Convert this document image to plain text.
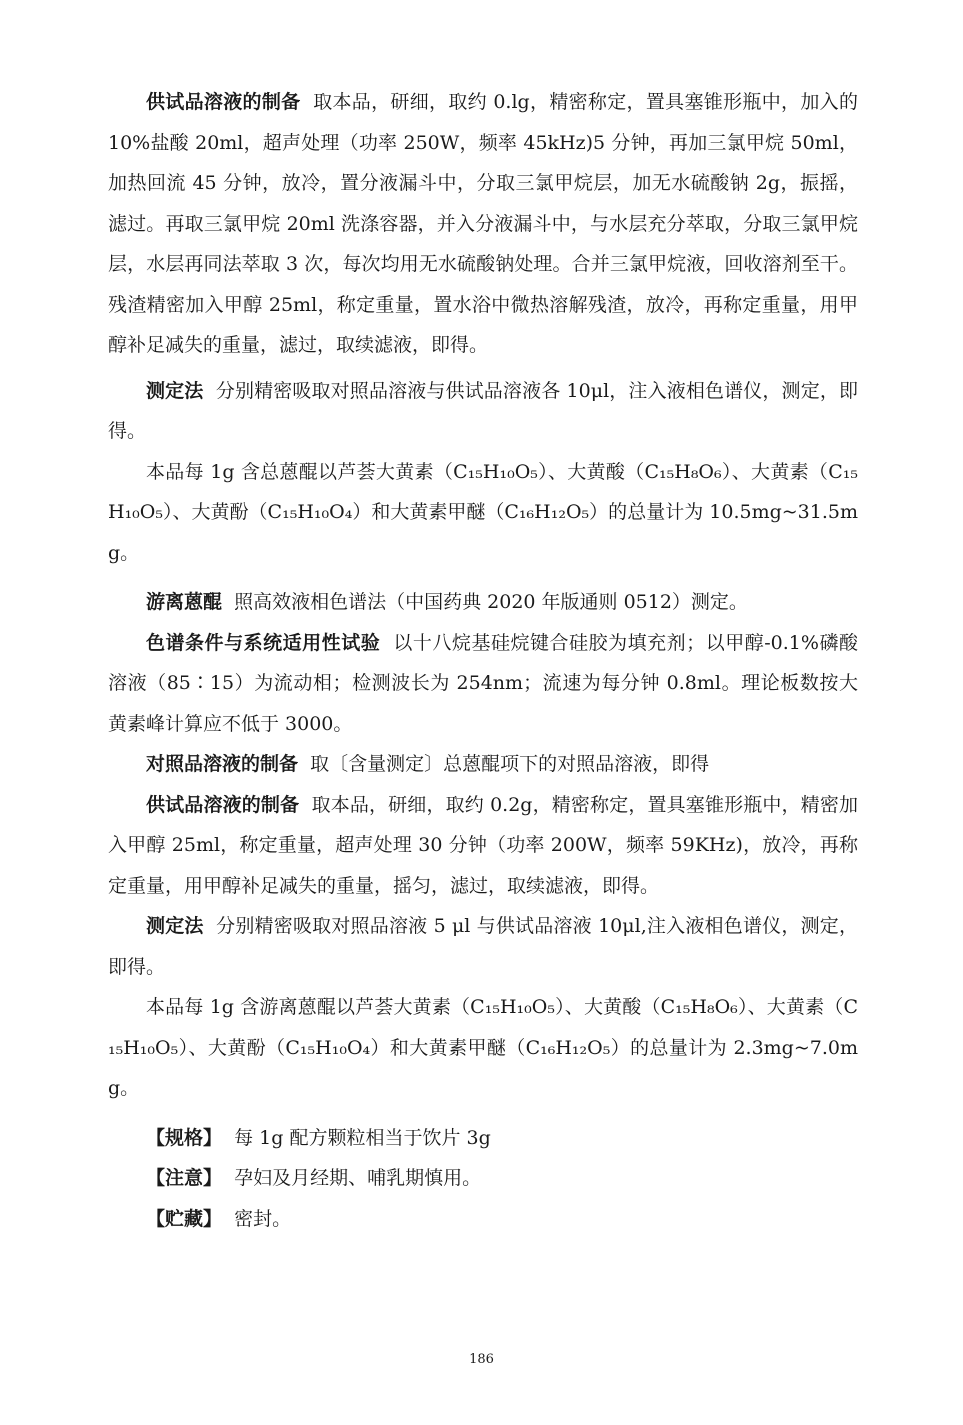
供试品溶液的制备 取本品，研细，取约 0.lg，精密称定，置具塞锥形瓶中，加入的 10%盐酸 20ml，超声处理（功率 250W，频率 45kHz)5 分钟，再加三氯甲烷 50ml，加热回流 45 分钟，放冷，置分液漏斗中，分取三氯甲烷层，加无水硫酸钠 2g，振摇，滤过。再取三氯甲烷 20ml 洗涤容器，并入分液漏斗中，与水层充分萃取，分取三氯甲烷层，水层再同法萃取 3 次，每次均用无水硫酸钠处理。合并三氯甲烷液，回收溶剂至干。残渣精密加入甲醇 25ml，称定重量，置水浴中微热溶解残渣，放冷，再称定重量，用甲醇补足减失的重量，滤过，取续滤液，即得。

测定法 分别精密吸取对照品溶液与供试品溶液各 10μl，注入液相色谱仪，测定，即得。

本品每 1g 含总蒽醌以芦荟大黄素（C₁₅H₁₀O₅）、大黄酸（C₁₅H₈O₆）、大黄素（C₁₅H₁₀O₅）、大黄酚（C₁₅H₁₀O₄）和大黄素甲醚（C₁₆H₁₂O₅）的总量计为 10.5mg~31.5mg。

游离蒽醌 照高效液相色谱法（中国药典 2020 年版通则 0512）测定。

色谱条件与系统适用性试验 以十八烷基硅烷键合硅胶为填充剂；以甲醇-0.1%磷酸溶液（85∶15）为流动相；检测波长为 254nm；流速为每分钟 0.8ml。理论板数按大黄素峰计算应不低于 3000。

对照品溶液的制备 取〔含量测定〕总蒽醌项下的对照品溶液，即得

供试品溶液的制备 取本品，研细，取约 0.2g，精密称定，置具塞锥形瓶中，精密加入甲醇 25ml，称定重量，超声处理 30 分钟（功率 200W，频率 59KHz)，放冷，再称定重量，用甲醇补足减失的重量，摇匀，滤过，取续滤液，即得。

测定法 分别精密吸取对照品溶液 5 μl 与供试品溶液 10μl,注入液相色谱仪，测定，即得。

本品每 1g 含游离蒽醌以芦荟大黄素（C₁₅H₁₀O₅）、大黄酸（C₁₅H₈O₆）、大黄素（C₁₅H₁₀O₅）、大黄酚（C₁₅H₁₀O₄）和大黄素甲醚（C₁₆H₁₂O₅）的总量计为 2.3mg~7.0mg。

【规格】 每 1g 配方颗粒相当于饮片 3g

【注意】 孕妇及月经期、哺乳期慎用。

【贮藏】 密封。

186
